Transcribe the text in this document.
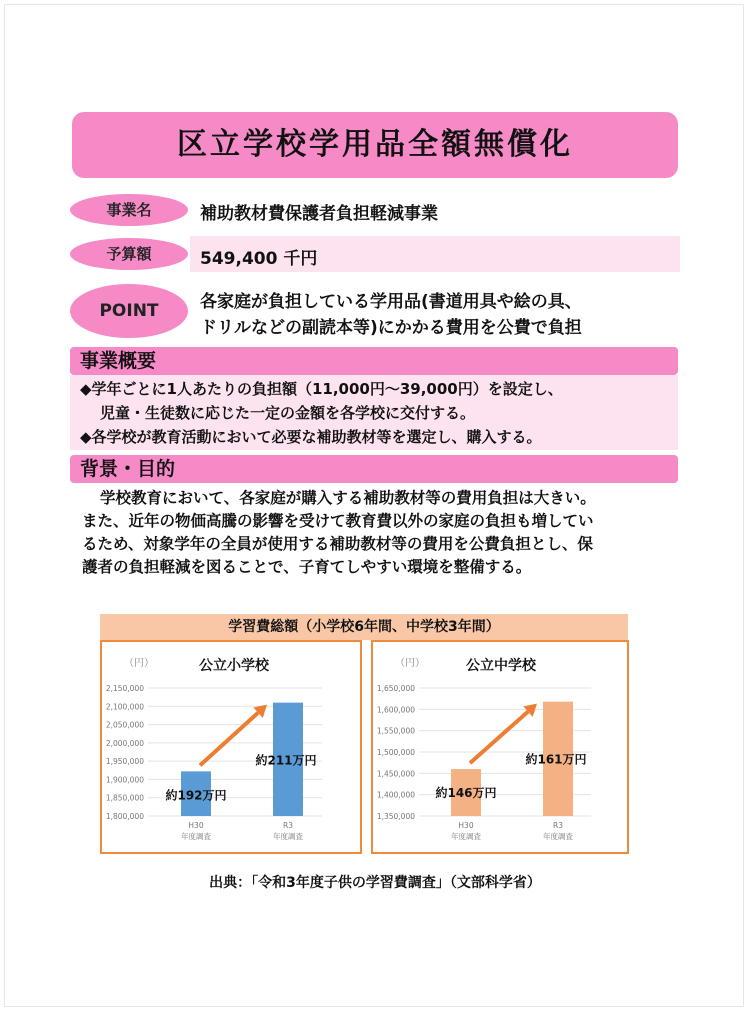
区立学校学用品全額無償化
事業名	補助教材費保護者負担軽減事業
予算額	549,400 千円
POINT	各家庭が負担している学用品(書道用具や絵の具、
ドリルなどの副読本等)にかかる費用を公費で負担
事業概要
◆学年ごとに1人あたりの負担額（11,000円～39,000円）を設定し、
児童・生徒数に応じた一定の金額を各学校に交付する。
◆各学校が教育活動において必要な補助教材等を選定し、購入する。
背景・目的
学校教育において、各家庭が購入する補助教材等の費用負担は大きい。
また、近年の物価高騰の影響を受けて教育費以外の家庭の負担も増してい
るため、対象学年の全員が使用する補助教材等の費用を公費負担とし、保
護者の負担軽減を図ることで、子育てしやすい環境を整備する。
学習費総額（小学校6年間、中学校3年間）
（円）	公立小学校
1,800,000
1,850,000
1,900,000
1,950,000
2,000,000
2,050,000
2,100,000
2,150,000
H30
年度調査
R3
年度調査
約192万円
約211万円
（円）	公立中学校
1,350,000
1,400,000
1,450,000
1,500,000
1,550,000
1,600,000
1,650,000
H30
年度調査
R3
年度調査
約146万円
約161万円
出典：「令和3年度子供の学習費調査」（文部科学省）
